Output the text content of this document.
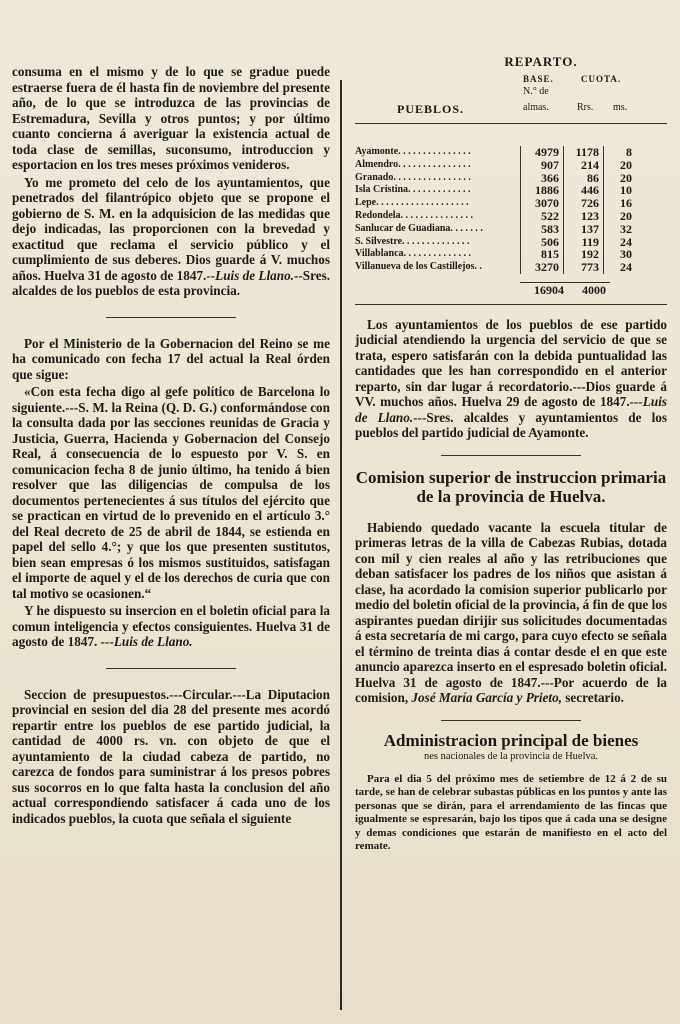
consuma en el mismo y de lo que se gradue puede estraerse fuera de él hasta fin de noviembre del presente año, de lo que se introduzca de las provincias de Estremadura, Sevilla y otros puntos; y por último cuanto concierna á averiguar la existencia actual de toda clase de semillas, suconsumo, introduccion y esportacion en los tres meses próximos venideros.

Yo me prometo del celo de los ayuntamientos, que penetrados del filantrópico objeto que se propone el gobierno de S. M. en la adquisicion de las medidas que dejo indicadas, las proporcionen con la brevedad y exactitud que reclama el servicio público y el cumplimiento de sus deberes. Dios guarde á V. muchos años. Huelva 31 de agosto de 1847.--Luis de Llano.--Sres. alcaldes de los pueblos de esta provincia.

Por el Ministerio de la Gobernacion del Reino se me ha comunicado con fecha 17 del actual la Real órden que sigue:

«Con esta fecha digo al gefe político de Barcelona lo siguiente.---S. M. la Reina (Q. D. G.) conformándose con la consulta dada por las secciones reunidas de Gracia y Justicia, Guerra, Hacienda y Gobernacion del Consejo Real, á consecuencia de lo espuesto por V. S. en comunicacion fecha 8 de junio último, ha tenido á bien resolver que las diligencias de compulsa de los documentos pertenecientes á sus títulos del ejército que se practican en virtud de lo prevenido en el artículo 3.° del Real decreto de 25 de abril de 1844, se estienda en papel del sello 4.°; y que los que presenten sustitutos, bien sean empresas ó los mismos sustituidos, satisfagan el importe de aquel y el de los derechos de curia que con tal motivo se ocasionen.“

Y he dispuesto su insercion en el boletin oficial para la comun inteligencia y efectos consiguientes. Huelva 31 de agosto de 1847. ---Luis de Llano.

Seccion de presupuestos.---Circular.---La Diputacion provincial en sesion del dia 28 del presente mes acordó repartir entre los pueblos de ese partido judicial, la cantidad de 4000 rs. vn. con objeto de que el ayuntamiento de la ciudad cabeza de partido, no carezca de fondos para suministrar á los presos pobres sus socorros en lo que falta hasta la conclusion del año actual correspondiendo satisfacer á cada uno de los indicados pueblos, la cuota que señala el siguiente

REPARTO.
BASE.	CUOTA.
N.° de
PUEBLOS.	almas.	Rrs. ms.
Ayamonte. . . . . . . . . . . . . . .	4979	1178	8
Almendro. . . . . . . . . . . . . . .	907	214	20
Granado. . . . . . . . . . . . . . . .	366	86	20
Isla Cristina. . . . . . . . . . . . .	1886	446	10
Lepe. . . . . . . . . . . . . . . . . . .	3070	726	16
Redondela. . . . . . . . . . . . . . .	522	123	20
Sanlucar de Guadiana. . . . . . .	583	137	32
S. Silvestre. . . . . . . . . . . . . .	506	119	24
Villablanca. . . . . . . . . . . . . .	815	192	30
Villanueva de los Castillejos. .	3270	773	24
16904	4000

Los ayuntamientos de los pueblos de ese partido judicial atendiendo la urgencia del servicio de que se trata, espero satisfarán con la debida puntualidad las cantidades que les han correspondido en el anterior reparto, sin dar lugar á recordatorio.---Dios guarde á VV. muchos años. Huelva 29 de agosto de 1847.---Luis de Llano.---Sres. alcaldes y ayuntamientos de los pueblos del partido judicial de Ayamonte.

Comision superior de instruccion primaria de la provincia de Huelva.

Habiendo quedado vacante la escuela titular de primeras letras de la villa de Cabezas Rubias, dotada con mil y cien reales al año y las retribuciones que deban satisfacer los padres de los niños que asistan á clase, ha acordado la comision superior publicarlo por medio del boletin oficial de la provincia, á fin de que los aspirantes puedan dirijir sus solicitudes documentadas á esta secretaría de mi cargo, para cuyo efecto se señala el término de treinta dias á contar desde el en que este anuncio aparezca inserto en el espresado boletin oficial. Huelva 31 de agosto de 1847.---Por acuerdo de la comision, José María García y Prieto, secretario.

Administracion principal de bienes
nes nacionales de la provincia de Huelva.

Para el dia 5 del próximo mes de setiembre de 12 á 2 de su tarde, se han de celebrar subastas públicas en los puntos y ante las personas que se dirán, para el arrendamiento de las fincas que igualmente se espresarán, bajo los tipos que á cada una se designe y demas condiciones que estarán de manifiesto en el acto del remate.
